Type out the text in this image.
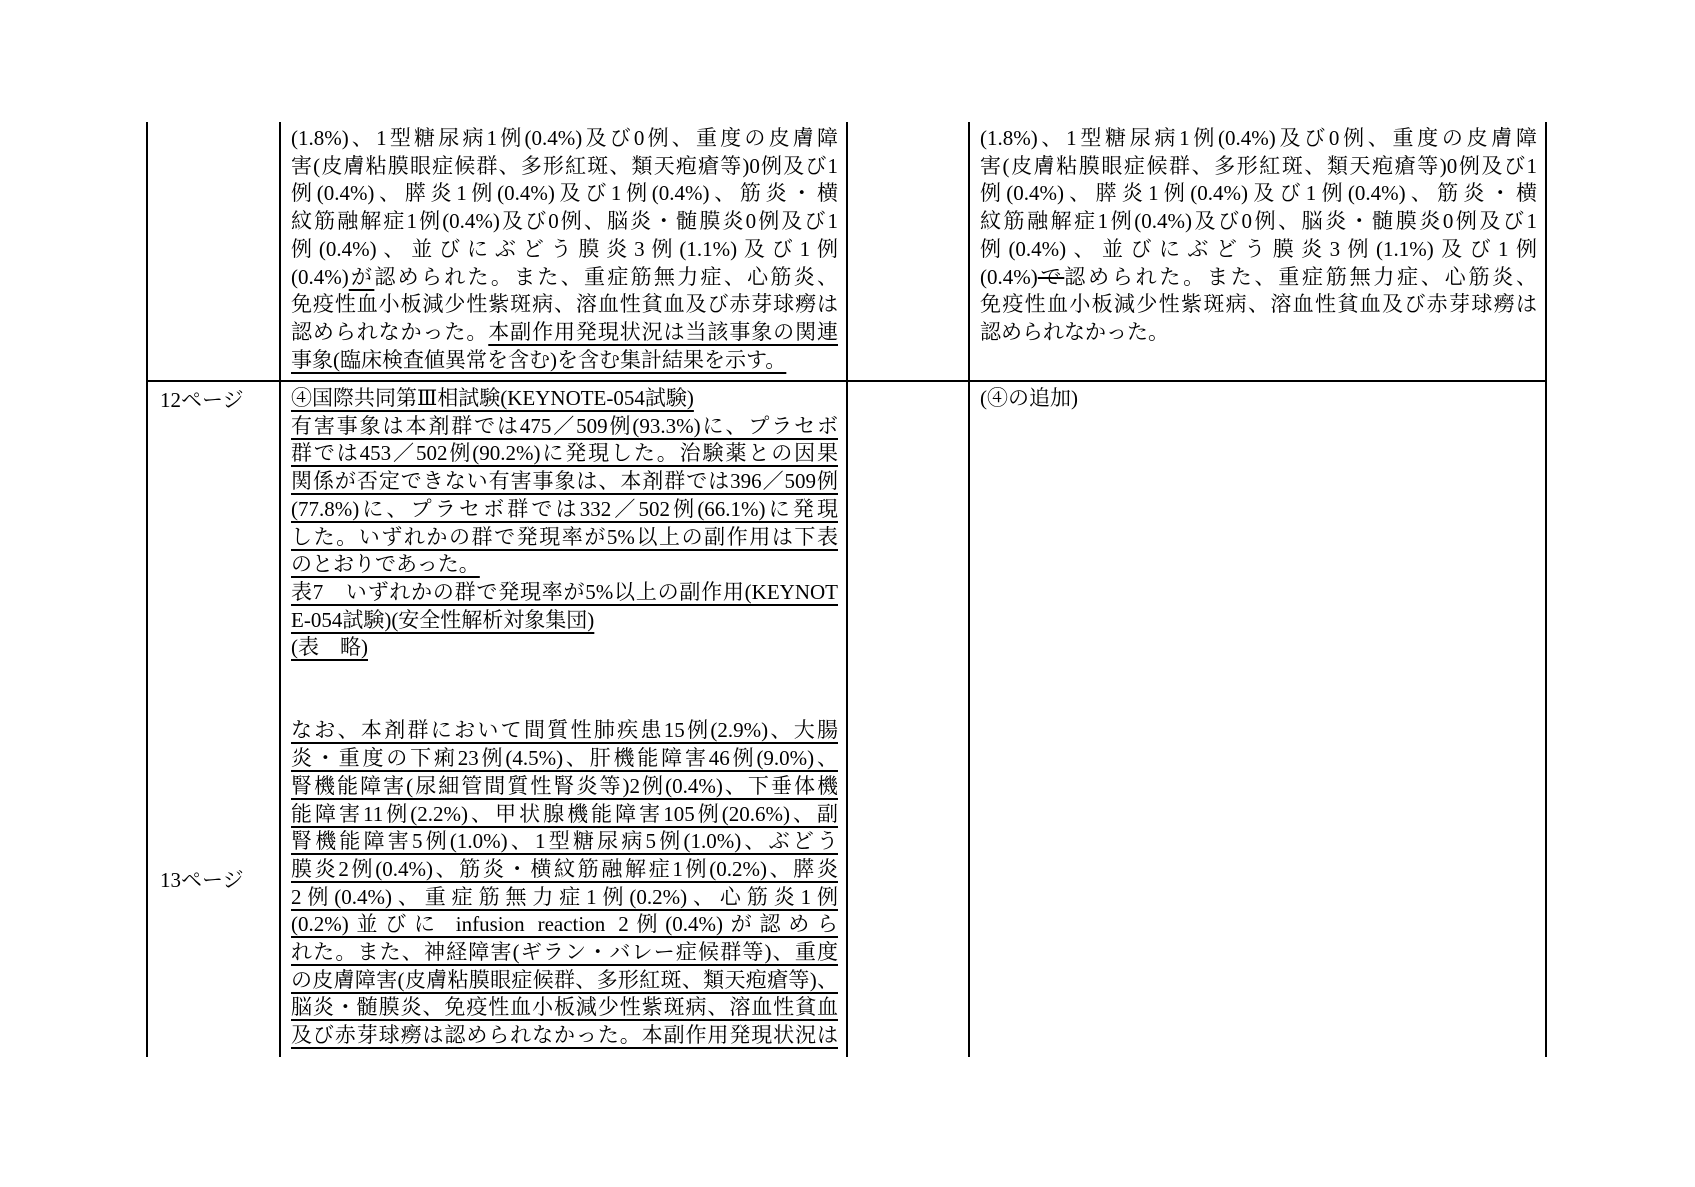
(1.8%)、1型糖尿病1例(0.4%)及び0例、重度の皮膚障
害(皮膚粘膜眼症候群、多形紅斑、類天疱瘡等)0例及び1
例(0.4%)、膵炎1例(0.4%)及び1例(0.4%)、筋炎・横
紋筋融解症1例(0.4%)及び0例、脳炎・髄膜炎0例及び1
例(0.4%)、並びにぶどう膜炎3例(1.1%)及び1例
(0.4%)が認められた。また、重症筋無力症、心筋炎、
免疫性血小板減少性紫斑病、溶血性貧血及び赤芽球癆は
認められなかった。本副作用発現状況は当該事象の関連
事象(臨床検査値異常を含む)を含む集計結果を示す。
(1.8%)、1型糖尿病1例(0.4%)及び0例、重度の皮膚障
害(皮膚粘膜眼症候群、多形紅斑、類天疱瘡等)0例及び1
例(0.4%)、膵炎1例(0.4%)及び1例(0.4%)、筋炎・横
紋筋融解症1例(0.4%)及び0例、脳炎・髄膜炎0例及び1
例(0.4%)、並びにぶどう膜炎3例(1.1%)及び1例
(0.4%)で認められた。また、重症筋無力症、心筋炎、
免疫性血小板減少性紫斑病、溶血性貧血及び赤芽球癆は
認められなかった。
12ページ
13ページ
④国際共同第Ⅲ相試験(KEYNOTE-054試験)
有害事象は本剤群では475／509例(93.3%)に、プラセボ
群では453／502例(90.2%)に発現した。治験薬との因果
関係が否定できない有害事象は、本剤群では396／509例
(77.8%)に、プラセボ群では332／502例(66.1%)に発現
した。いずれかの群で発現率が5%以上の副作用は下表
のとおりであった。
表7　いずれかの群で発現率が5%以上の副作用(KEYNOT
E-054試験)(安全性解析対象集団)
(表　略)

なお、本剤群において間質性肺疾患15例(2.9%)、大腸
炎・重度の下痢23例(4.5%)、肝機能障害46例(9.0%)、
腎機能障害(尿細管間質性腎炎等)2例(0.4%)、下垂体機
能障害11例(2.2%)、甲状腺機能障害105例(20.6%)、副
腎機能障害5例(1.0%)、1型糖尿病5例(1.0%)、ぶどう
膜炎2例(0.4%)、筋炎・横紋筋融解症1例(0.2%)、膵炎
2例(0.4%)、重症筋無力症1例(0.2%)、心筋炎1例
(0.2%)並びに infusion reaction 2例(0.4%)が認めら
れた。また、神経障害(ギラン・バレー症候群等)、重度
の皮膚障害(皮膚粘膜眼症候群、多形紅斑、類天疱瘡等)、
脳炎・髄膜炎、免疫性血小板減少性紫斑病、溶血性貧血
及び赤芽球癆は認められなかった。本副作用発現状況は
(④の追加)
